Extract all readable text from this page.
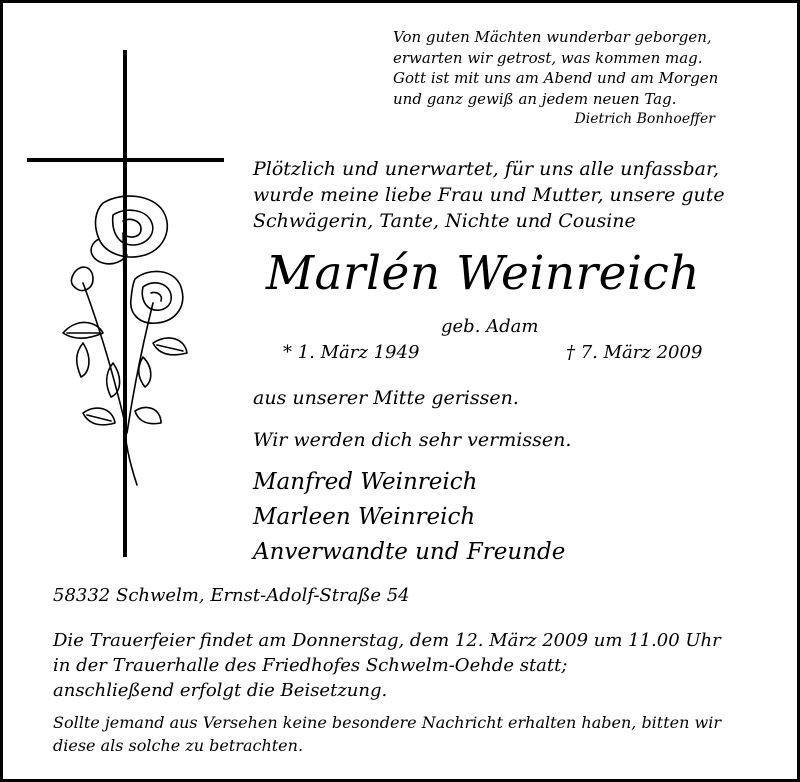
Von guten Mächten wunderbar geborgen,
erwarten wir getrost, was kommen mag.
Gott ist mit uns am Abend und am Morgen
und ganz gewiß an jedem neuen Tag.
Dietrich Bonhoeffer
Plötzlich und unerwartet, für uns alle unfassbar,
wurde meine liebe Frau und Mutter, unsere gute
Schwägerin, Tante, Nichte und Cousine
Marlén Weinreich
geb. Adam
* 1. März 1949	† 7. März 2009
aus unserer Mitte gerissen.
Wir werden dich sehr vermissen.
Manfred Weinreich
Marleen Weinreich
Anverwandte und Freunde
58332 Schwelm, Ernst-Adolf-Straße 54
Die Trauerfeier findet am Donnerstag, dem 12. März 2009 um 11.00 Uhr
in der Trauerhalle des Friedhofes Schwelm-Oehde statt;
anschließend erfolgt die Beisetzung.
Sollte jemand aus Versehen keine besondere Nachricht erhalten haben, bitten wir
diese als solche zu betrachten.
